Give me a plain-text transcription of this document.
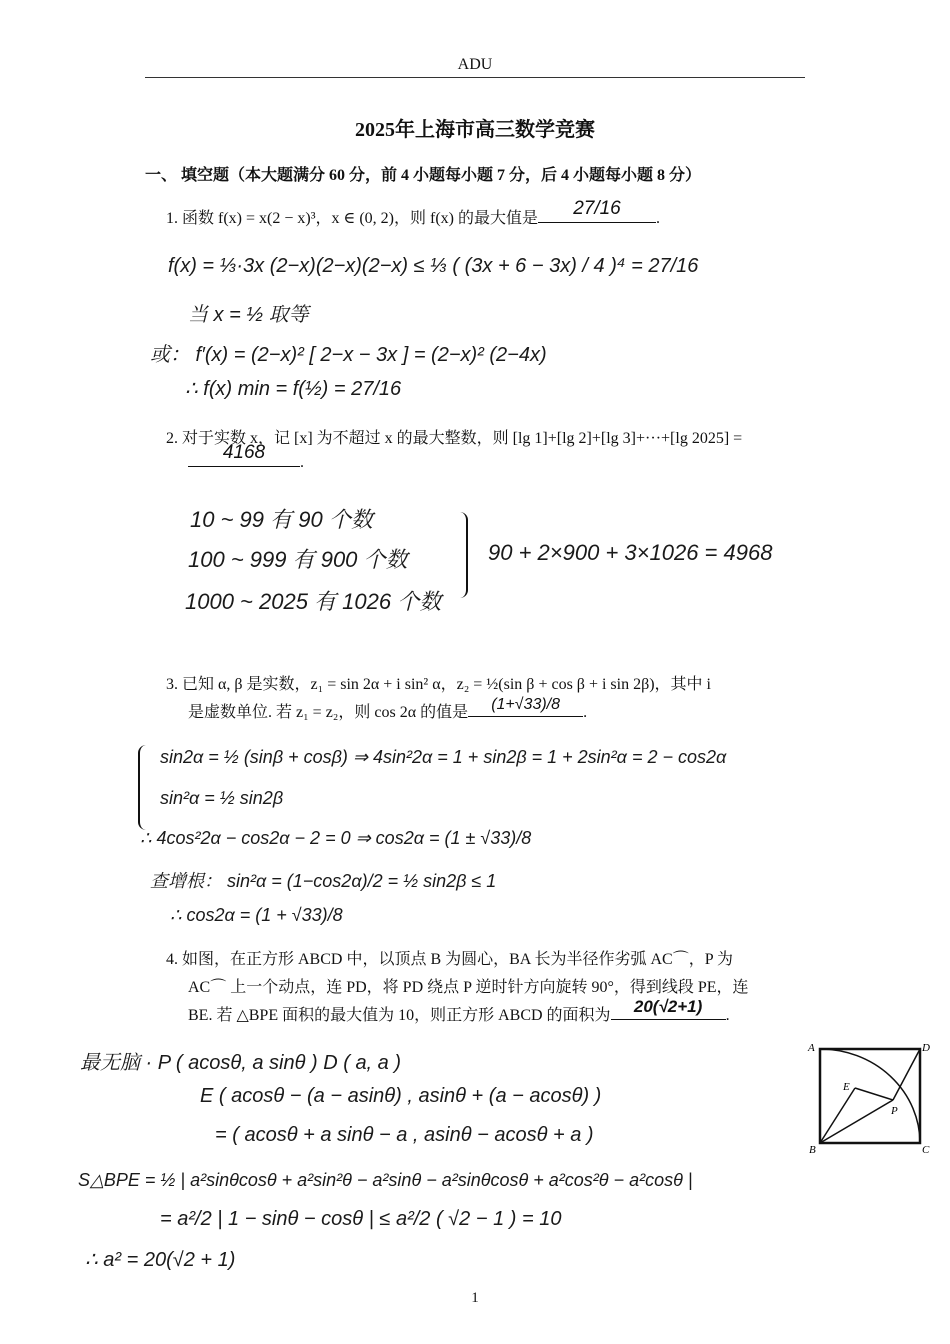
ADU
2025年上海市高三数学竞赛
一、 填空题（本大题满分 60 分，前 4 小题每小题 7 分，后 4 小题每小题 8 分）
1. 函数 f(x) = x(2 − x)³，x ∈ (0, 2)，则 f(x) 的最大值是	27/16	.
f(x) = ⅓·3x (2−x)(2−x)(2−x) ≤ ⅓ ( (3x + 6 − 3x) / 4 )⁴ = 27/16
当 x = ½ 取等
或： f′(x) = (2−x)² [ 2−x − 3x ] = (2−x)² (2−4x)
∴ f(x) min = f(½) = 27/16
2. 对于实数 x，记 [x] 为不超过 x 的最大整数，则 [lg 1]+[lg 2]+[lg 3]+···+[lg 2025] =
4168	.
10 ~ 99 有 90 个数
100 ~ 999 有 900 个数
1000 ~ 2025 有 1026 个数
90 + 2×900 + 3×1026 = 4968
3. 已知 α, β 是实数，z₁ = sin 2α + i sin² α，z₂ = ½(sin β + cos β + i sin 2β)，其中 i
是虚数单位. 若 z₁ = z₂，则 cos 2α 的值是	(1+√33)/8	.
sin2α = ½ (sinβ + cosβ) ⇒ 4sin²2α = 1 + sin2β = 1 + 2sin²α = 2 − cos2α
sin²α = ½ sin2β
∴ 4cos²2α − cos2α − 2 = 0 ⇒ cos2α = (1 ± √33)/8
查增根： sin²α = (1−cos2α)/2 = ½ sin2β ≤ 1
∴ cos2α = (1 + √33)/8
4. 如图，在正方形 ABCD 中，以顶点 B 为圆心，BA 长为半径作劣弧 AC⌒，P 为
AC⌒ 上一个动点，连 PD，将 PD 绕点 P 逆时针方向旋转 90°，得到线段 PE，连
BE. 若 △BPE 面积的最大值为 10，则正方形 ABCD 的面积为	20(√2+1)	.
最无脑 · P ( acosθ, a sinθ ) D ( a, a )
E ( acosθ − (a − asinθ) , asinθ + (a − acosθ) )
= ( acosθ + a sinθ − a , asinθ − acosθ + a )
S△BPE = ½ | a²sinθcosθ + a²sin²θ − a²sinθ − a²sinθcosθ + a²cos²θ − a²cosθ |
= a²/2 | 1 − sinθ − cosθ | ≤ a²/2 ( √2 − 1 ) = 10
∴ a² = 20(√2 + 1)
A	D
E
P
B	C
1
